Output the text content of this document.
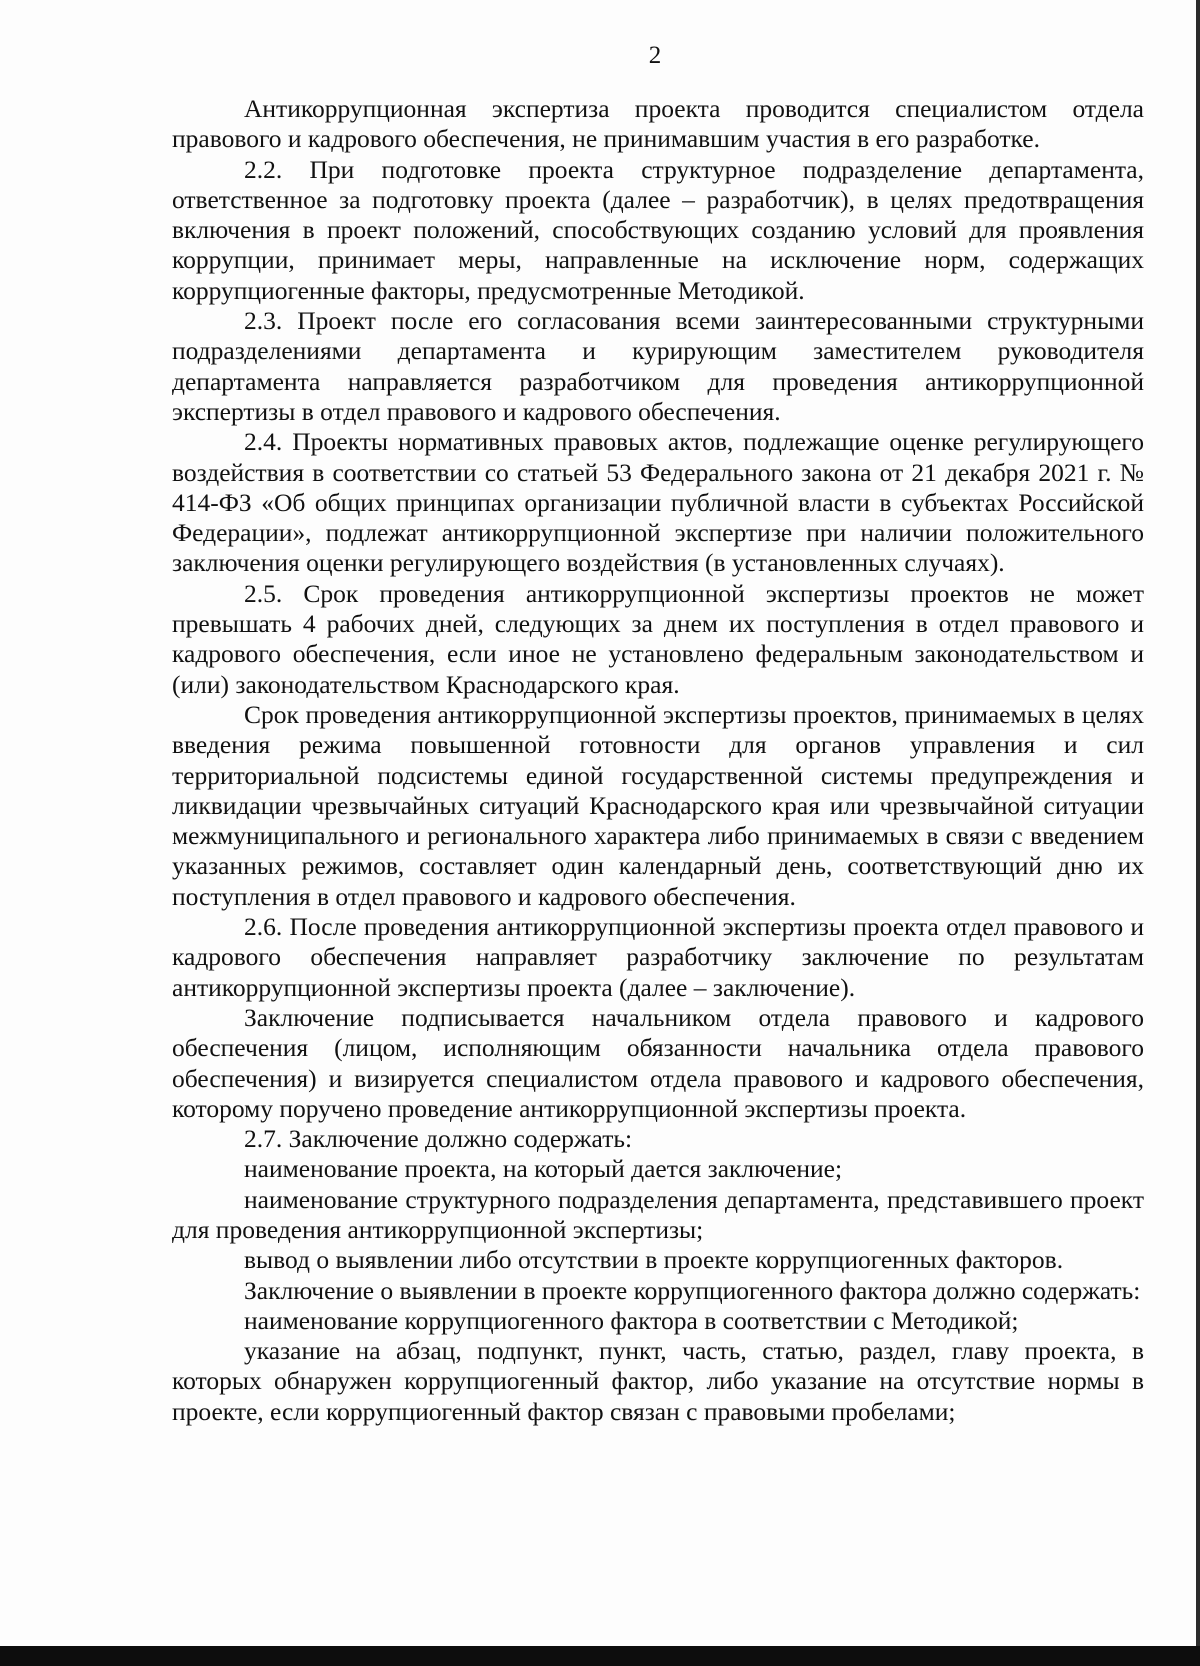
2

Антикоррупционная экспертиза проекта проводится специалистом отдела правового и кадрового обеспечения, не принимавшим участия в его разработке.

2.2. При подготовке проекта структурное подразделение департамента, ответственное за подготовку проекта (далее – разработчик), в целях предотвращения включения в проект положений, способствующих созданию условий для проявления коррупции, принимает меры, направленные на исключение норм, содержащих коррупциогенные факторы, предусмотренные Методикой.

2.3. Проект после его согласования всеми заинтересованными структурными подразделениями департамента и курирующим заместителем руководителя департамента направляется разработчиком для проведения антикоррупционной экспертизы в отдел правового и кадрового обеспечения.

2.4. Проекты нормативных правовых актов, подлежащие оценке регулирующего воздействия в соответствии со статьей 53 Федерального закона от 21 декабря 2021 г. № 414-ФЗ «Об общих принципах организации публичной власти в субъектах Российской Федерации», подлежат антикоррупционной экспертизе при наличии положительного заключения оценки регулирующего воздействия (в установленных случаях).

2.5. Срок проведения антикоррупционной экспертизы проектов не может превышать 4 рабочих дней, следующих за днем их поступления в отдел правового и кадрового обеспечения, если иное не установлено федеральным законодательством и (или) законодательством Краснодарского края.

Срок проведения антикоррупционной экспертизы проектов, принимаемых в целях введения режима повышенной готовности для органов управления и сил территориальной подсистемы единой государственной системы предупреждения и ликвидации чрезвычайных ситуаций Краснодарского края или чрезвычайной ситуации межмуниципального и регионального характера либо принимаемых в связи с введением указанных режимов, составляет один календарный день, соответствующий дню их поступления в отдел правового и кадрового обеспечения.

2.6. После проведения антикоррупционной экспертизы проекта отдел правового и кадрового обеспечения направляет разработчику заключение по результатам антикоррупционной экспертизы проекта (далее – заключение).

Заключение подписывается начальником отдела правового и кадрового обеспечения (лицом, исполняющим обязанности начальника отдела правового обеспечения) и визируется специалистом отдела правового и кадрового обеспечения, которому поручено проведение антикоррупционной экспертизы проекта.

2.7. Заключение должно содержать:

наименование проекта, на который дается заключение;

наименование структурного подразделения департамента, представившего проект для проведения антикоррупционной экспертизы;

вывод о выявлении либо отсутствии в проекте коррупциогенных факторов.

Заключение о выявлении в проекте коррупциогенного фактора должно содержать:

наименование коррупциогенного фактора в соответствии с Методикой;

указание на абзац, подпункт, пункт, часть, статью, раздел, главу проекта, в которых обнаружен коррупциогенный фактор, либо указание на отсутствие нормы в проекте, если коррупциогенный фактор связан с правовыми пробелами;
